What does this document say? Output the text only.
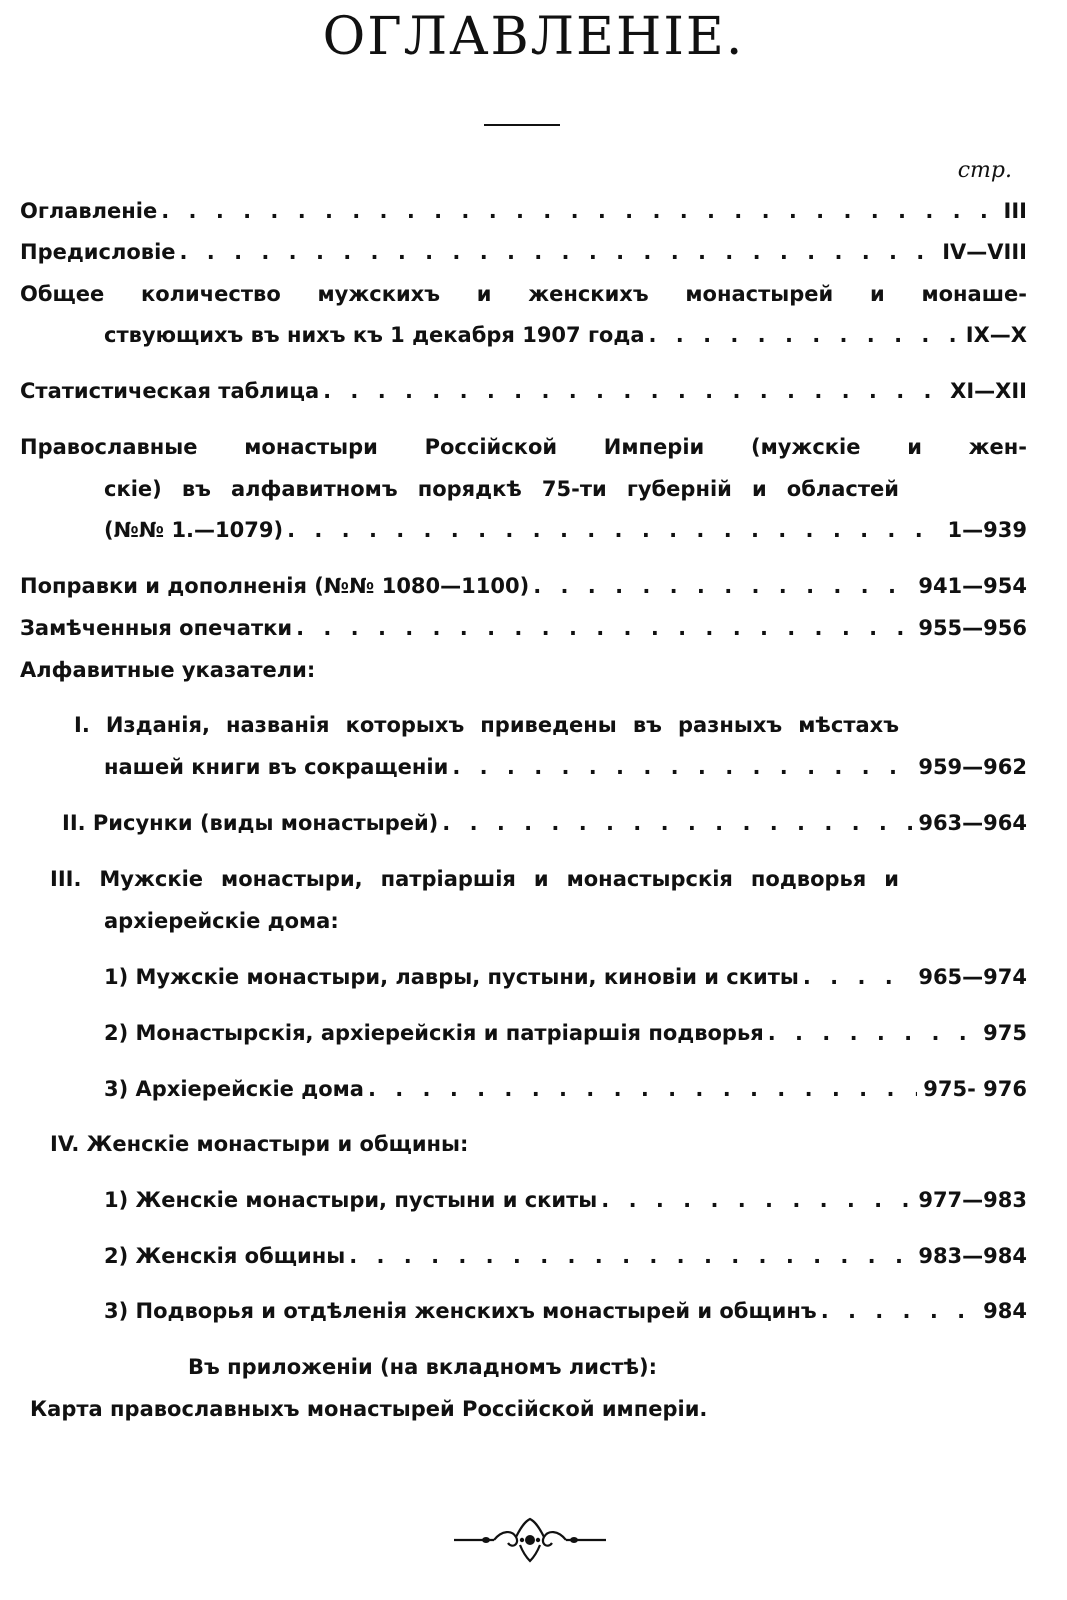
ОГЛАВЛЕНІЕ.
стр.
Оглавленіе . . .	III
Предисловіе . . .	IV—VIII
Общее количество мужскихъ и женскихъ монастырей и монаше-
ствующихъ въ нихъ къ 1 декабря 1907 года . . .	IX—X
Статистическая таблица . . .	XI—XII
Православные монастыри Россійской Имперіи (мужскіе и жен-
скіе) въ алфавитномъ порядкѣ 75-ти губерній и областей
(№№ 1.—1079) . . .	1—939
Поправки и дополненія (№№ 1080—1100) . . .	941—954
Замѣченныя опечатки . . .	955—956
Алфавитные указатели:
I. Изданія, названія которыхъ приведены въ разныхъ мѣстахъ
нашей книги въ сокращеніи . . .	959—962
II. Рисунки (виды монастырей) . . .	963—964
III. Мужскіе монастыри, патріаршія и монастырскія подворья и
архіерейскіе дома:
1) Мужскіе монастыри, лавры, пустыни, киновіи и скиты . . .	965—974
2) Монастырскія, архіерейскія и патріаршія подворья . . .	975
3) Архіерейскіе дома . . .	975- 976
IV. Женскіе монастыри и общины:
1) Женскіе монастыри, пустыни и скиты . . .	977—983
2) Женскія общины . . .	983—984
3) Подворья и отдѣленія женскихъ монастырей и общинъ . . .	984
Въ приложеніи (на вкладномъ листѣ):
Карта православныхъ монастырей Россійской имперіи.
